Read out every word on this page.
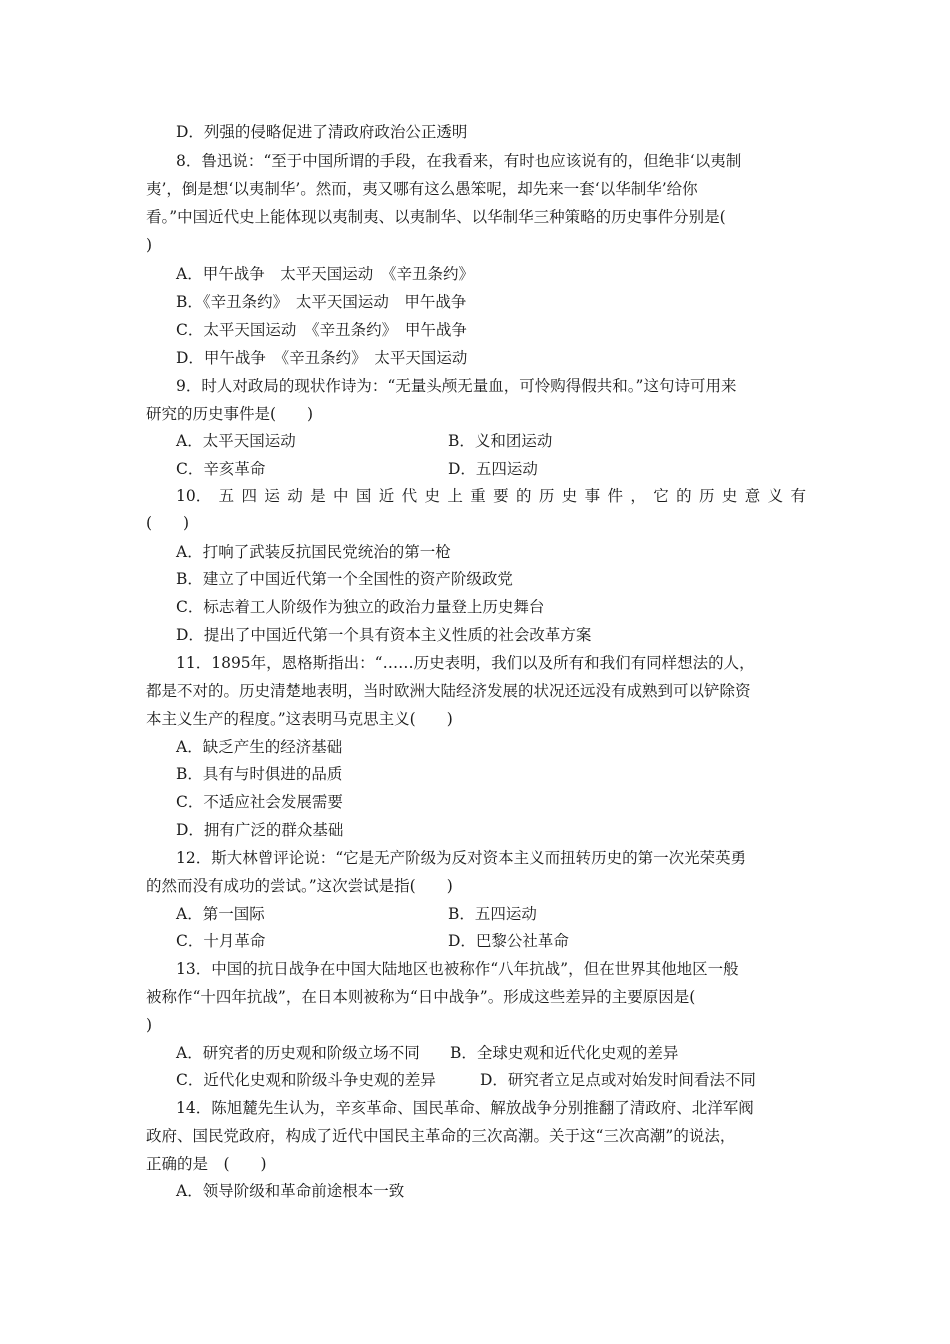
D．列强的侵略促进了清政府政治公正透明
8．鲁迅说：“至于中国所谓的手段，在我看来，有时也应该说有的，但绝非‘以夷制
夷’，倒是想‘以夷制华’。然而，夷又哪有这么愚笨呢，却先来一套‘以华制华’给你
看。”中国近代史上能体现以夷制夷、以夷制华、以华制华三种策略的历史事件分别是(
)
A．甲午战争　太平天国运动　《辛丑条约》
B．《辛丑条约》　太平天国运动　甲午战争
C．太平天国运动　《辛丑条约》　甲午战争
D．甲午战争　《辛丑条约》　太平天国运动
9．时人对政局的现状作诗为：“无量头颅无量血，可怜购得假共和。”这句诗可用来
研究的历史事件是(　　)
A．太平天国运动	B．义和团运动
C．辛亥革命	D．五四运动
10． 五 四 运 动 是 中 国 近 代 史 上 重 要 的 历 史 事 件 ， 它 的 历 史 意 义 有
(　　)
A．打响了武装反抗国民党统治的第一枪
B．建立了中国近代第一个全国性的资产阶级政党
C．标志着工人阶级作为独立的政治力量登上历史舞台
D．提出了中国近代第一个具有资本主义性质的社会改革方案
11．1895年，恩格斯指出：“……历史表明，我们以及所有和我们有同样想法的人，
都是不对的。历史清楚地表明，当时欧洲大陆经济发展的状况还远没有成熟到可以铲除资
本主义生产的程度。”这表明马克思主义(　　)
A．缺乏产生的经济基础
B．具有与时俱进的品质
C．不适应社会发展需要
D．拥有广泛的群众基础
12．斯大林曾评论说：“它是无产阶级为反对资本主义而扭转历史的第一次光荣英勇
的然而没有成功的尝试。”这次尝试是指(　　)
A．第一国际	B．五四运动
C．十月革命	D．巴黎公社革命
13．中国的抗日战争在中国大陆地区也被称作“八年抗战”，但在世界其他地区一般
被称作“十四年抗战”，在日本则被称为“日中战争”。形成这些差异的主要原因是(
)
A．研究者的历史观和阶级立场不同 B．全球史观和近代化史观的差异
C．近代化史观和阶级斗争史观的差异	D．研究者立足点或对始发时间看法不同
14．陈旭麓先生认为，辛亥革命、国民革命、解放战争分别推翻了清政府、北洋军阀
政府、国民党政府，构成了近代中国民主革命的三次高潮。关于这“三次高潮”的说法，
正确的是　(　　)
A．领导阶级和革命前途根本一致
